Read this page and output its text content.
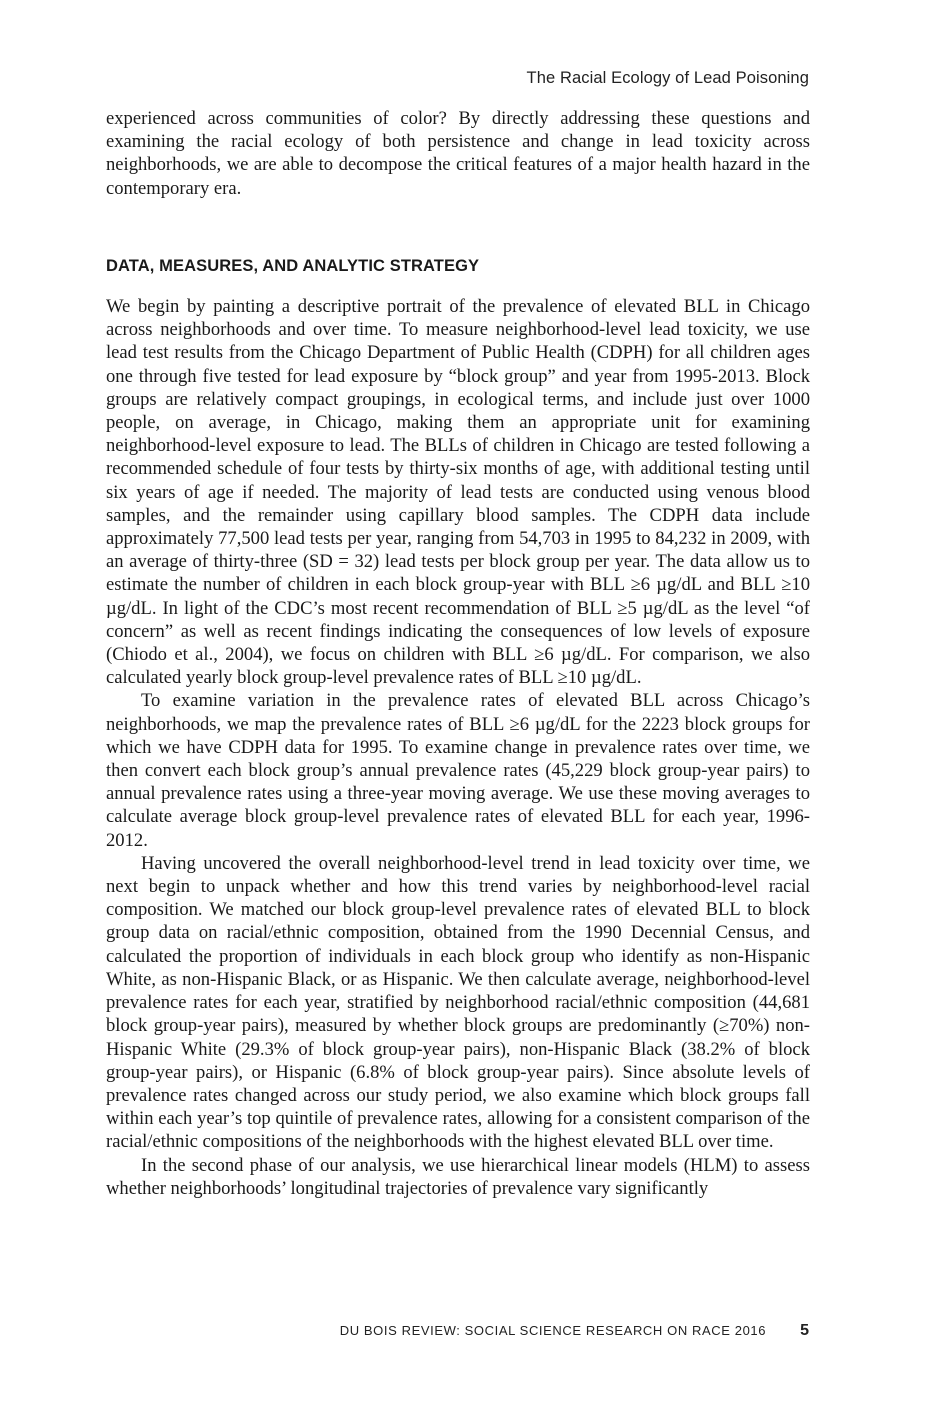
The Racial Ecology of Lead Poisoning

experienced across communities of color? By directly addressing these questions and examining the racial ecology of both persistence and change in lead toxicity across neighborhoods, we are able to decompose the critical features of a major health hazard in the contemporary era.

DATA, MEASURES, AND ANALYTIC STRATEGY

We begin by painting a descriptive portrait of the prevalence of elevated BLL in Chicago across neighborhoods and over time. To measure neighborhood-level lead toxicity, we use lead test results from the Chicago Department of Public Health (CDPH) for all children ages one through five tested for lead exposure by “block group” and year from 1995-2013. Block groups are relatively compact groupings, in ecological terms, and include just over 1000 people, on average, in Chicago, making them an appropriate unit for examining neighborhood-level exposure to lead. The BLLs of children in Chicago are tested following a recommended schedule of four tests by thirty-six months of age, with additional testing until six years of age if needed. The majority of lead tests are conducted using venous blood samples, and the remainder using capillary blood samples. The CDPH data include approximately 77,500 lead tests per year, ranging from 54,703 in 1995 to 84,232 in 2009, with an average of thirty-three (SD = 32) lead tests per block group per year. The data allow us to estimate the number of children in each block group-year with BLL ≥6 µg/dL and BLL ≥10 µg/dL. In light of the CDC’s most recent recommendation of BLL ≥5 µg/dL as the level “of concern” as well as recent findings indicating the consequences of low levels of exposure (Chiodo et al., 2004), we focus on children with BLL ≥6 µg/dL. For comparison, we also calculated yearly block group-level prevalence rates of BLL ≥10 µg/dL.

To examine variation in the prevalence rates of elevated BLL across Chicago’s neighborhoods, we map the prevalence rates of BLL ≥6 µg/dL for the 2223 block groups for which we have CDPH data for 1995. To examine change in prevalence rates over time, we then convert each block group’s annual prevalence rates (45,229 block group-year pairs) to annual prevalence rates using a three-year moving average. We use these moving averages to calculate average block group-level prevalence rates of elevated BLL for each year, 1996-2012.

Having uncovered the overall neighborhood-level trend in lead toxicity over time, we next begin to unpack whether and how this trend varies by neighborhood-level racial composition. We matched our block group-level prevalence rates of elevated BLL to block group data on racial/ethnic composition, obtained from the 1990 Decennial Census, and calculated the proportion of individuals in each block group who identify as non-Hispanic White, as non-Hispanic Black, or as Hispanic. We then calculate average, neighborhood-level prevalence rates for each year, stratified by neighborhood racial/ethnic composition (44,681 block group-year pairs), measured by whether block groups are predominantly (≥70%) non-Hispanic White (29.3% of block group-year pairs), non-Hispanic Black (38.2% of block group-year pairs), or Hispanic (6.8% of block group-year pairs). Since absolute levels of prevalence rates changed across our study period, we also examine which block groups fall within each year’s top quintile of prevalence rates, allowing for a consistent comparison of the racial/ethnic compositions of the neighborhoods with the highest elevated BLL over time.

In the second phase of our analysis, we use hierarchical linear models (HLM) to assess whether neighborhoods’ longitudinal trajectories of prevalence vary significantly

DU BOIS REVIEW: SOCIAL SCIENCE RESEARCH ON RACE 2016 5
